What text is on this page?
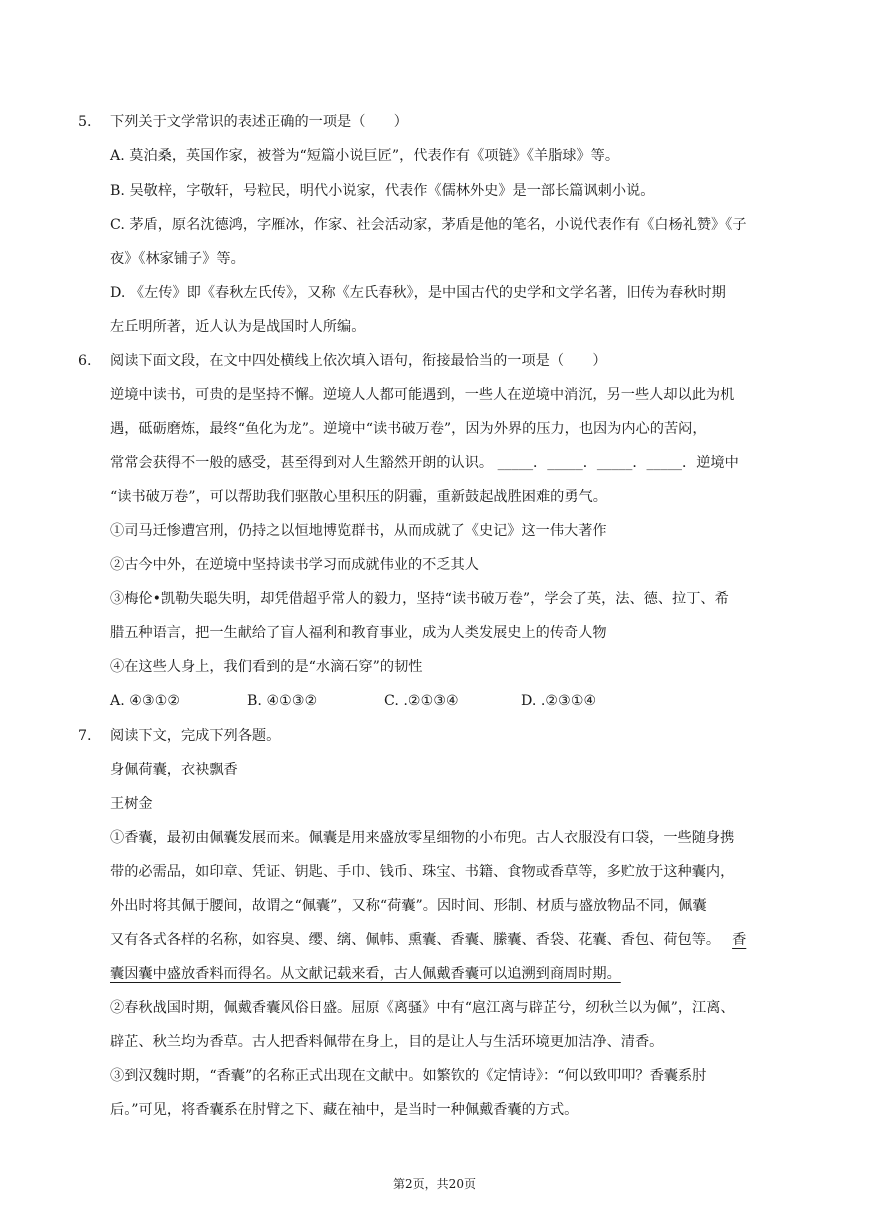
5. 下列关于文学常识的表述正确的一项是（　　）
A. 莫泊桑，英国作家，被誉为“短篇小说巨匠”，代表作有《项链》《羊脂球》等。
B. 吴敬梓，字敬轩，号粒民，明代小说家，代表作《儒林外史》是一部长篇讽刺小说。
C. 茅盾，原名沈德鸿，字雁冰，作家、社会活动家，茅盾是他的笔名，小说代表作有《白杨礼赞》《子
夜》《林家铺子》等。
D. 《左传》即《春秋左氏传》，又称《左氏春秋》，是中国古代的史学和文学名著，旧传为春秋时期
左丘明所著，近人认为是战国时人所编。
6. 阅读下面文段，在文中四处横线上依次填入语句，衔接最恰当的一项是（　　）
逆境中读书，可贵的是坚持不懈。逆境人人都可能遇到，一些人在逆境中消沉，另一些人却以此为机
遇，砥砺磨炼，最终“鱼化为龙”。逆境中“读书破万卷”，因为外界的压力，也因为内心的苦闷，
常常会获得不一般的感受，甚至得到对人生豁然开朗的认识。 _____．_____．_____．_____．逆境中
“读书破万卷”，可以帮助我们驱散心里积压的阴霾，重新鼓起战胜困难的勇气。
①司马迁惨遭宫刑，仍持之以恒地博览群书，从而成就了《史记》这一伟大著作
②古今中外，在逆境中坚持读书学习而成就伟业的不乏其人
③梅伦•凯勒失聪失明，却凭借超乎常人的毅力，坚持“读书破万卷”，学会了英，法、德、拉丁、希
腊五种语言，把一生献给了盲人福利和教育事业，成为人类发展史上的传奇人物
④在这些人身上，我们看到的是“水滴石穿”的韧性
A. ④③①②	B. ④①③②	C. .②①③④	D. .②③①④
7. 阅读下文，完成下列各题。
身佩荷囊，衣袂飘香
王树金
①香囊，最初由佩囊发展而来。佩囊是用来盛放零星细物的小布兜。古人衣服没有口袋，一些随身携
带的必需品，如印章、凭证、钥匙、手巾、钱币、珠宝、书籍、食物或香草等，多贮放于这种囊内，
外出时将其佩于腰间，故谓之“佩囊”，又称“荷囊”。因时间、形制、材质与盛放物品不同，佩囊
又有各式各样的名称，如容臭、缨、缡、佩帏、熏囊、香囊、縢囊、香袋、花囊、香包、荷包等。 香
囊因囊中盛放香料而得名。从文献记载来看，古人佩戴香囊可以追溯到商周时期。
②春秋战国时期，佩戴香囊风俗日盛。屈原《离骚》中有“扈江离与辟芷兮，纫秋兰以为佩”，江离、
辟芷、秋兰均为香草。古人把香料佩带在身上，目的是让人与生活环境更加洁净、清香。
③到汉魏时期，“香囊”的名称正式出现在文献中。如繁钦的《定情诗》：“何以致叩叩？香囊系肘
后。”可见，将香囊系在肘臂之下、藏在袖中，是当时一种佩戴香囊的方式。
第2页，共20页
